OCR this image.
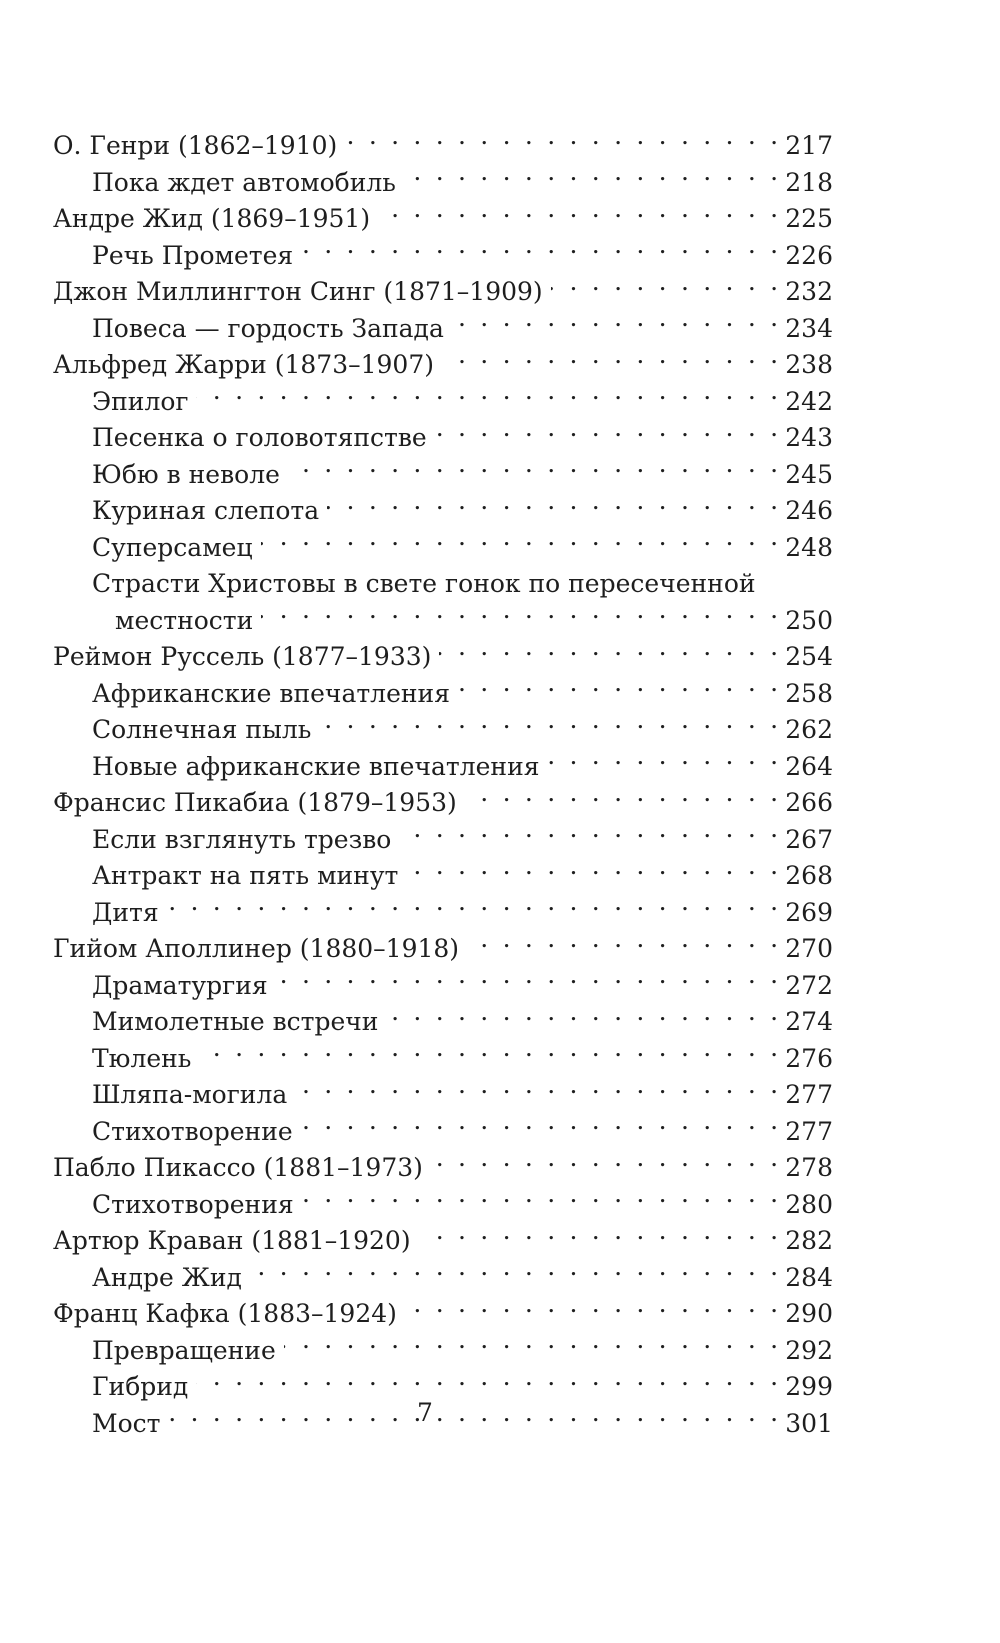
О. Генри (1862–1910) . . .	217
Пока ждет автомобиль . . .	218
Андре Жид (1869–1951) . . .	225
Речь Прометея . . .	226
Джон Миллингтон Синг (1871–1909) . . .	232
Повеса — гордость Запада . . .	234
Альфред Жарри (1873–1907) . . .	238
Эпилог . . .	242
Песенка о головотяпстве . . .	243
Юбю в неволе . . .	245
Куриная слепота . . .	246
Суперсамец . . .	248
Страсти Христовы в свете гонок по пересеченной
местности . . .	250
Реймон Руссель (1877–1933) . . .	254
Африканские впечатления . . .	258
Солнечная пыль . . .	262
Новые африканские впечатления . . .	264
Франсис Пикабиа (1879–1953) . . .	266
Если взглянуть трезво . . .	267
Антракт на пять минут . . .	268
Дитя . . .	269
Гийом Аполлинер (1880–1918) . . .	270
Драматургия . . .	272
Мимолетные встречи . . .	274
Тюлень . . .	276
Шляпа-могила . . .	277
Стихотворение . . .	277
Пабло Пикассо (1881–1973) . . .	278
Стихотворения . . .	280
Артюр Краван (1881–1920) . . .	282
Андре Жид . . .	284
Франц Кафка (1883–1924) . . .	290
Превращение . . .	292
Гибрид . . .	299
Мост . . .	301
7
